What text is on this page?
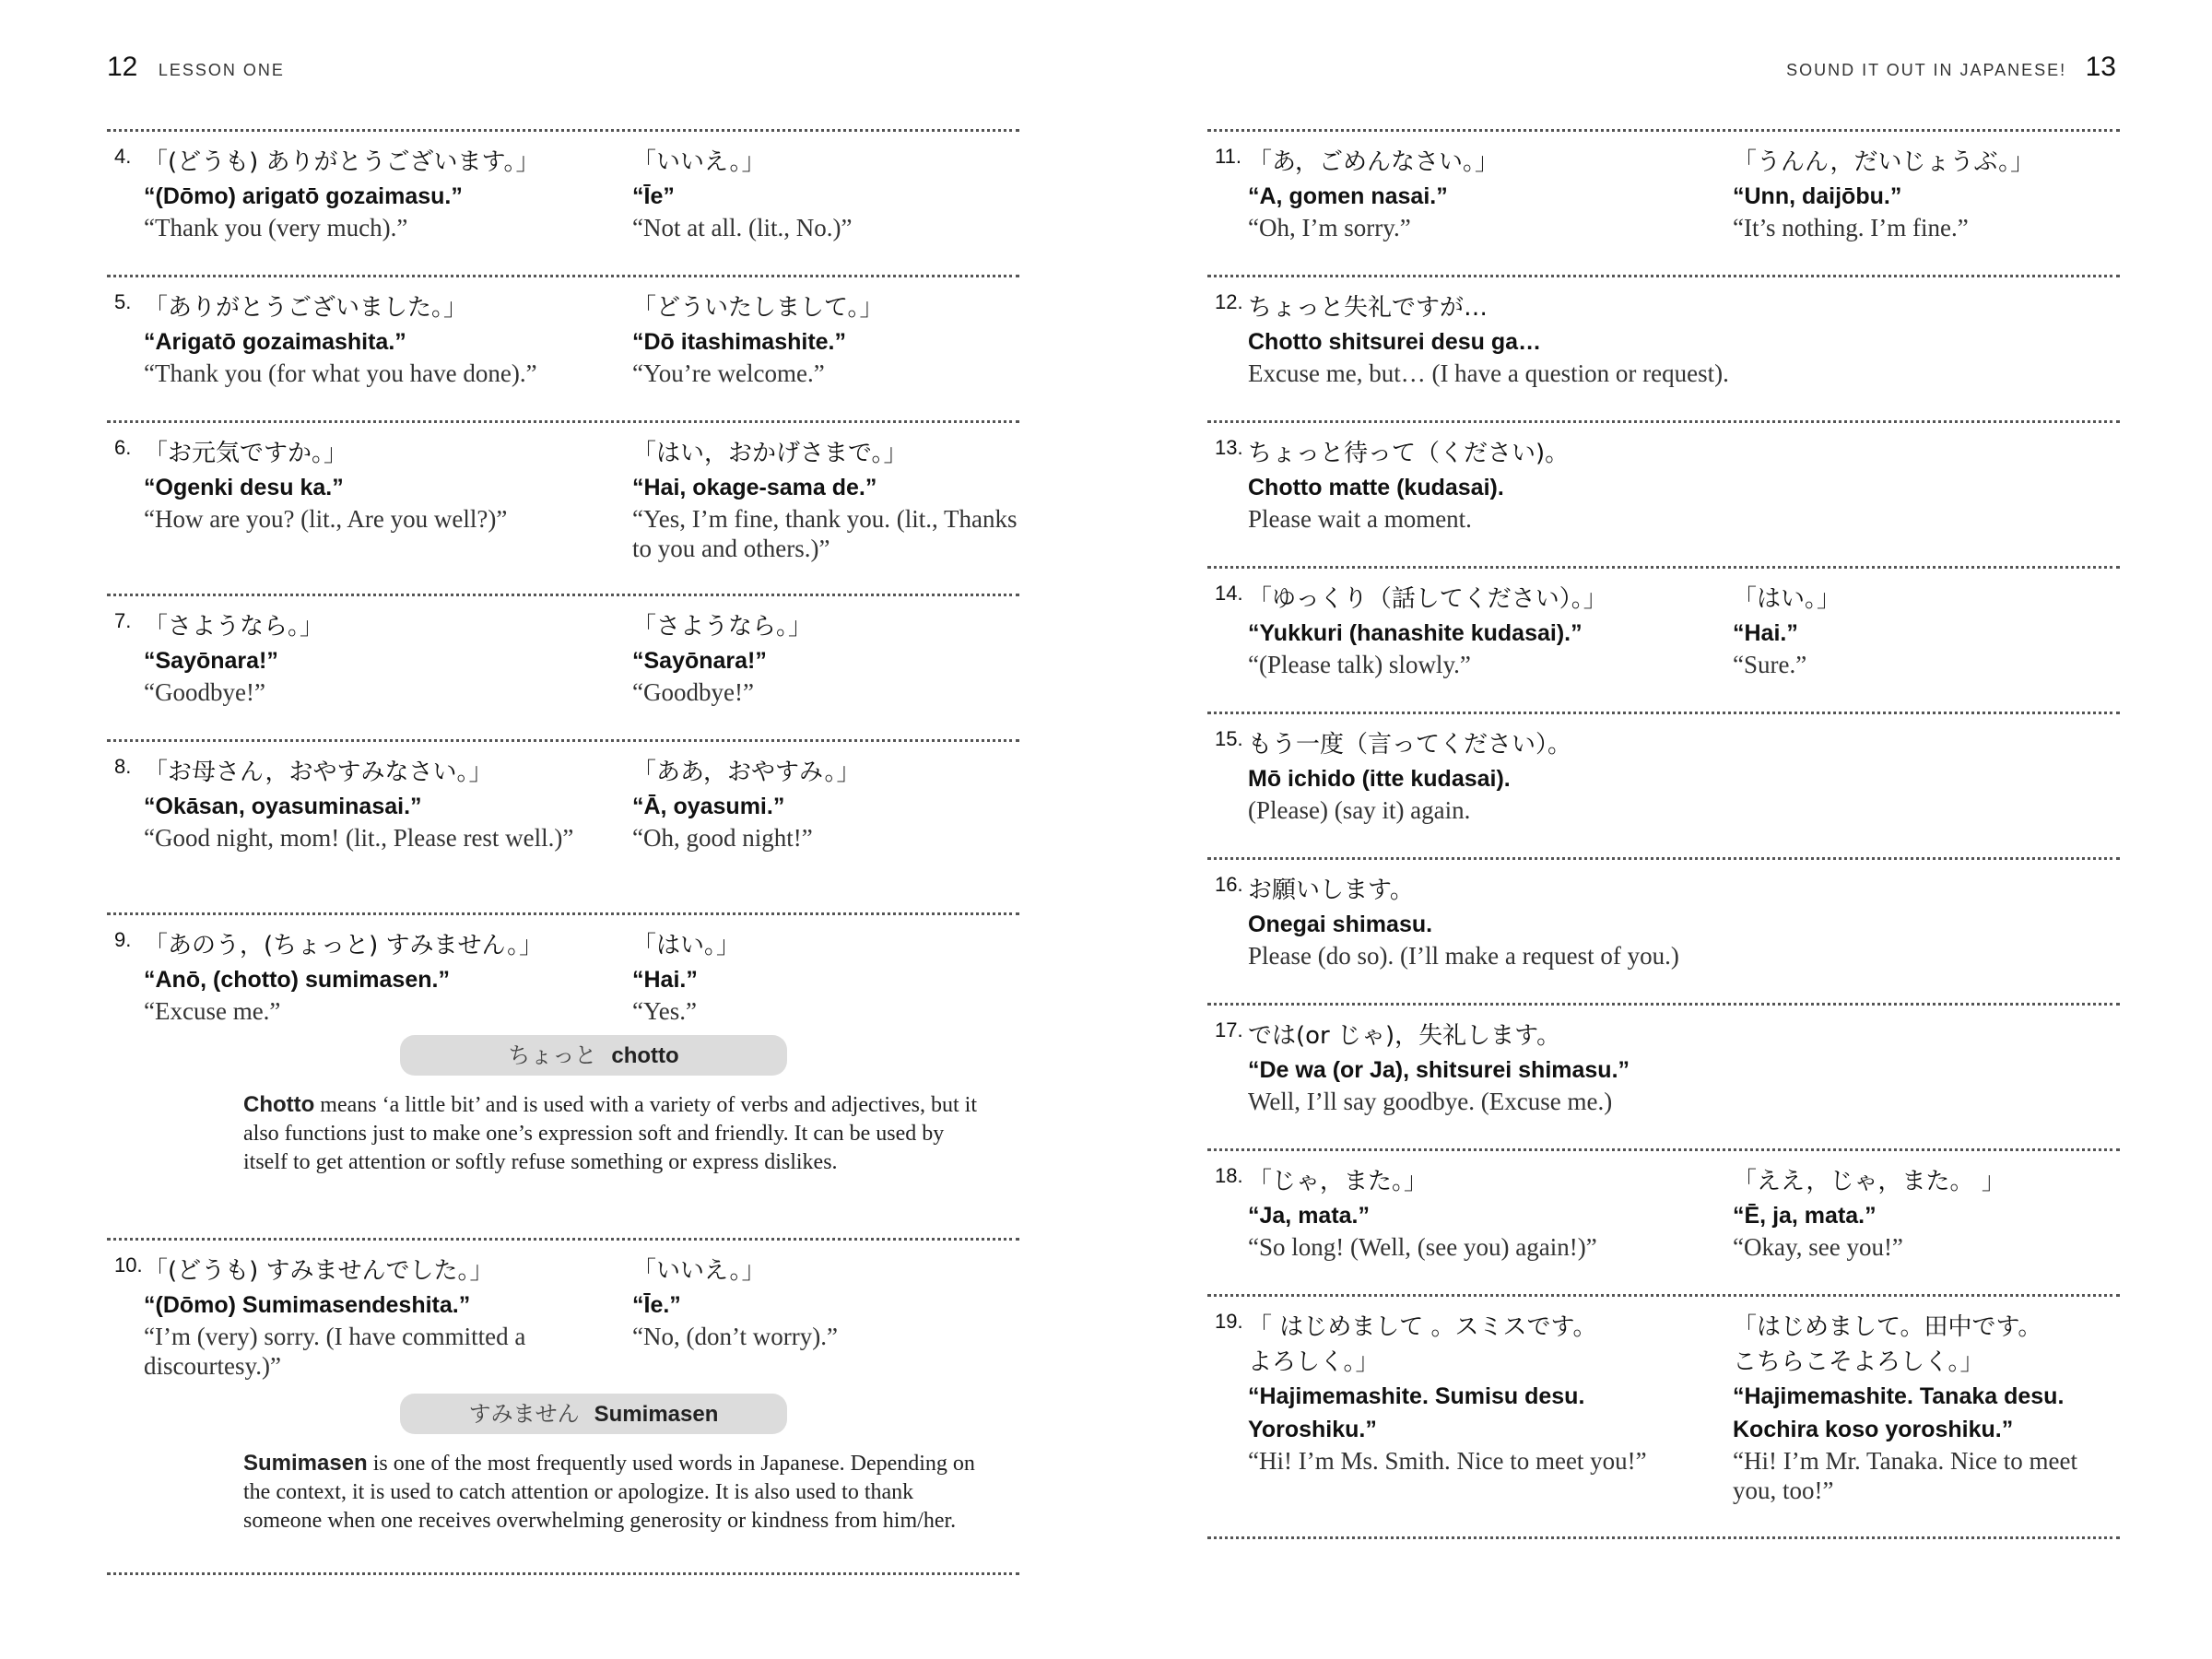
12 LESSON ONE	SOUND IT OUT IN JAPANESE! 13
4. 「(どうも) ありがとうございます。」
“(Dōmo) arigatō gozaimasu.”
“Thank you (very much).”
「いいえ。」
“Īe”
“Not at all. (lit., No.)”
5. 「ありがとうございました。」
“Arigatō gozaimashita.”
“Thank you (for what you have done).”
「どういたしまして。」
“Dō itashimashite.”
“You’re welcome.”
6. 「お元気ですか。」
“Ogenki desu ka.”
“How are you? (lit., Are you well?)”
「はい，おかげさまで。」
“Hai, okage-sama de.”
“Yes, I’m fine, thank you. (lit., Thanks to you and others.)”
7. 「さようなら。」
“Sayōnara!”
“Goodbye!”
「さようなら。」
“Sayōnara!”
“Goodbye!”
8. 「お母さん，おやすみなさい。」
“Okāsan, oyasuminasai.”
“Good night, mom! (lit., Please rest well.)”
「ああ，おやすみ。」
“Ā, oyasumi.”
“Oh, good night!”
9. 「あのう，(ちょっと) すみません。」
“Anō, (chotto) sumimasen.”
“Excuse me.”
「はい。」
“Hai.”
“Yes.”
ちょっと chotto
Chotto means ‘a little bit’ and is used with a variety of verbs and adjectives, but it also functions just to make one’s expression soft and friendly. It can be used by itself to get attention or softly refuse something or express dislikes.
10. 「(どうも) すみませんでした。」
“(Dōmo) Sumimasendeshita.”
“I’m (very) sorry. (I have committed a discourtesy.)”
「いいえ。」
“Īe.”
“No, (don’t worry).”
すみません Sumimasen
Sumimasen is one of the most frequently used words in Japanese. Depending on the context, it is used to catch attention or apologize. It is also used to thank someone when one receives overwhelming generosity or kindness from him/her.
11. 「あ，ごめんなさい。」
“A, gomen nasai.”
“Oh, I’m sorry.”
「うんん，だいじょうぶ。」
“Unn, daijōbu.”
“It’s nothing. I’m fine.”
12. ちょっと失礼ですが…
Chotto shitsurei desu ga…
Excuse me, but… (I have a question or request).
13. ちょっと待って（ください)。
Chotto matte (kudasai).
Please wait a moment.
14. 「ゆっくり（話してください）。」
“Yukkuri (hanashite kudasai).”
“(Please talk) slowly.”
「はい。」
“Hai.”
“Sure.”
15. もう一度（言ってください）。
Mō ichido (itte kudasai).
(Please) (say it) again.
16. お願いします。
Onegai shimasu.
Please (do so). (I’ll make a request of you.)
17. では(or じゃ)，失礼します。
“De wa (or Ja), shitsurei shimasu.”
Well, I’ll say goodbye. (Excuse me.)
18. 「じゃ，また。」
“Ja, mata.”
“So long! (Well, (see you) again!)”
「ええ，じゃ，また。 」
“Ē, ja, mata.”
“Okay, see you!”
19. 「 はじめまして 。スミスです。
よろしく。」
“Hajimemashite. Sumisu desu.
Yoroshiku.”
“Hi! I’m Ms. Smith. Nice to meet you!”
「はじめまして。田中です。
こちらこそよろしく。」
“Hajimemashite. Tanaka desu.
Kochira koso yoroshiku.”
“Hi! I’m Mr. Tanaka. Nice to meet you, too!”
